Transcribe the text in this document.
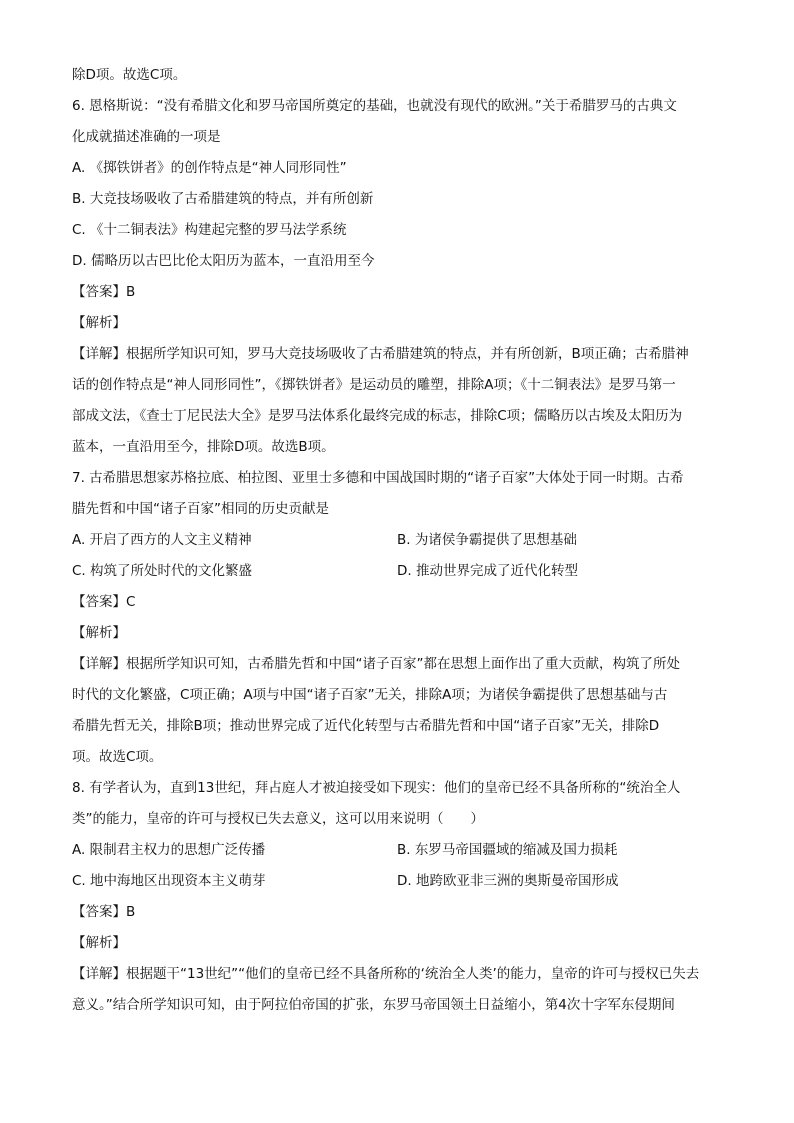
除D项。故选C项。
6. 恩格斯说：“没有希腊文化和罗马帝国所奠定的基础，也就没有现代的欧洲。”关于希腊罗马的古典文
化成就描述准确的一项是
A. 《掷铁饼者》的创作特点是“神人同形同性”
B. 大竞技场吸收了古希腊建筑的特点，并有所创新
C. 《十二铜表法》构建起完整的罗马法学系统
D. 儒略历以古巴比伦太阳历为蓝本，一直沿用至今
【答案】B
【解析】
【详解】根据所学知识可知，罗马大竞技场吸收了古希腊建筑的特点，并有所创新，B项正确；古希腊神
话的创作特点是“神人同形同性”，《掷铁饼者》是运动员的雕塑，排除A项；《十二铜表法》是罗马第一
部成文法，《查士丁尼民法大全》是罗马法体系化最终完成的标志，排除C项；儒略历以古埃及太阳历为
蓝本，一直沿用至今，排除D项。故选B项。
7. 古希腊思想家苏格拉底、柏拉图、亚里士多德和中国战国时期的“诸子百家”大体处于同一时期。古希
腊先哲和中国“诸子百家”相同的历史贡献是
A. 开启了西方的人文主义精神	B. 为诸侯争霸提供了思想基础
C. 构筑了所处时代的文化繁盛	D. 推动世界完成了近代化转型
【答案】C
【解析】
【详解】根据所学知识可知，古希腊先哲和中国“诸子百家”都在思想上面作出了重大贡献，构筑了所处
时代的文化繁盛，C项正确；A项与中国“诸子百家”无关，排除A项；为诸侯争霸提供了思想基础与古
希腊先哲无关，排除B项；推动世界完成了近代化转型与古希腊先哲和中国“诸子百家”无关，排除D
项。故选C项。
8. 有学者认为，直到13世纪，拜占庭人才被迫接受如下现实：他们的皇帝已经不具备所称的“统治全人
类”的能力，皇帝的许可与授权已失去意义，这可以用来说明（　　）
A. 限制君主权力的思想广泛传播	B. 东罗马帝国疆域的缩减及国力损耗
C. 地中海地区出现资本主义萌芽	D. 地跨欧亚非三洲的奥斯曼帝国形成
【答案】B
【解析】
【详解】根据题干“13世纪”“他们的皇帝已经不具备所称的‘统治全人类’的能力，皇帝的许可与授权已失去
意义。”结合所学知识可知，由于阿拉伯帝国的扩张，东罗马帝国领土日益缩小，第4次十字军东侵期间
